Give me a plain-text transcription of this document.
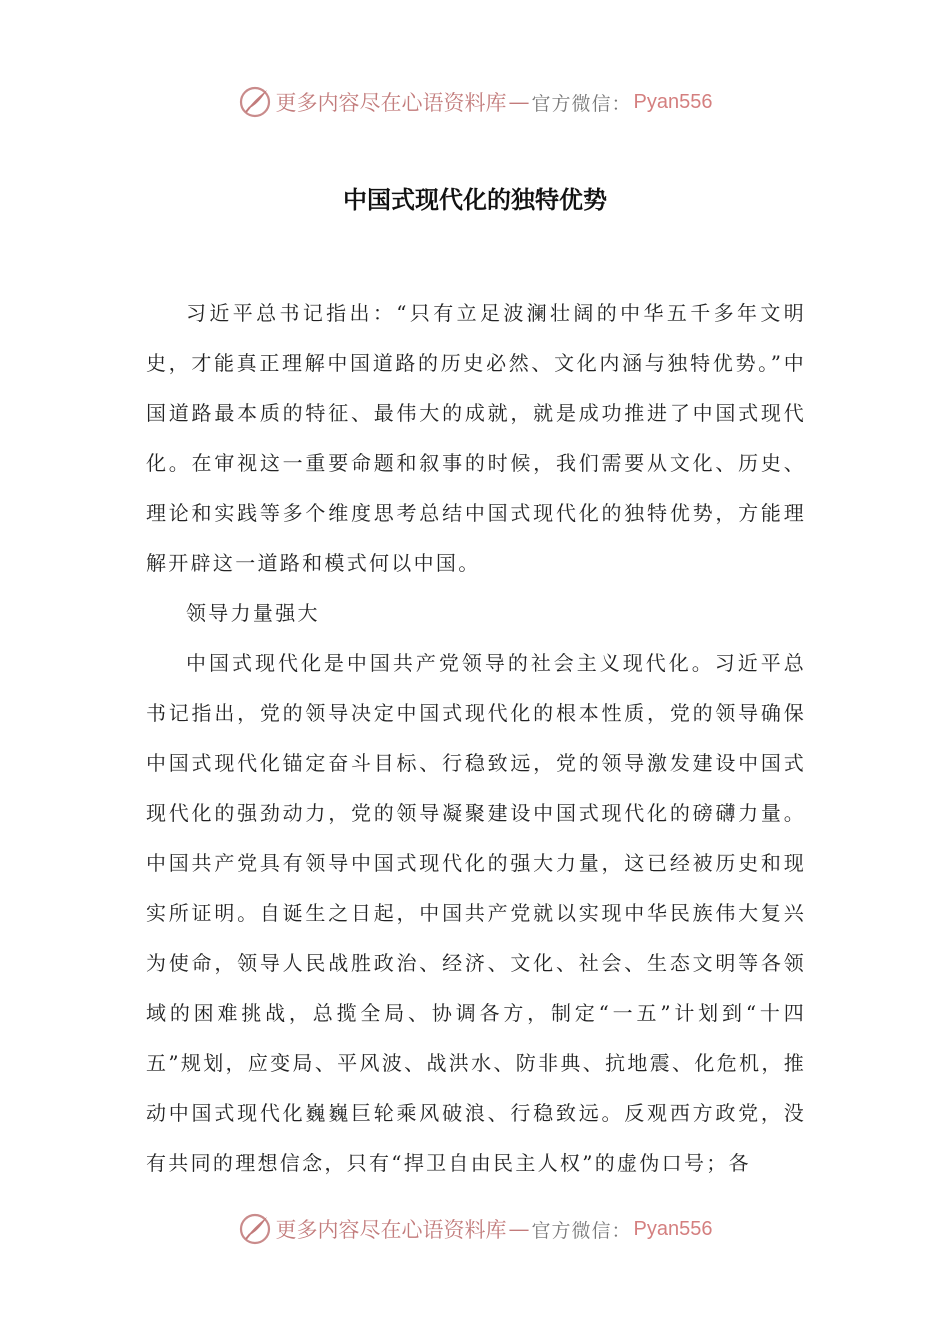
更多内容尽在心语资料库 — 官方微信： Pyan556
中国式现代化的独特优势

习近平总书记指出：“只有立足波澜壮阔的中华五千多年文明史，才能真正理解中国道路的历史必然、文化内涵与独特优势。”中国道路最本质的特征、最伟大的成就，就是成功推进了中国式现代化。在审视这一重要命题和叙事的时候，我们需要从文化、历史、理论和实践等多个维度思考总结中国式现代化的独特优势，方能理解开辟这一道路和模式何以中国。

领导力量强大

中国式现代化是中国共产党领导的社会主义现代化。习近平总书记指出，党的领导决定中国式现代化的根本性质，党的领导确保中国式现代化锚定奋斗目标、行稳致远，党的领导激发建设中国式现代化的强劲动力，党的领导凝聚建设中国式现代化的磅礴力量。中国共产党具有领导中国式现代化的强大力量，这已经被历史和现实所证明。自诞生之日起，中国共产党就以实现中华民族伟大复兴为使命，领导人民战胜政治、经济、文化、社会、生态文明等各领域的困难挑战，总揽全局、协调各方，制定“一五”计划到“十四五”规划，应变局、平风波、战洪水、防非典、抗地震、化危机，推动中国式现代化巍巍巨轮乘风破浪、行稳致远。反观西方政党，没有共同的理想信念，只有“捍卫自由民主人权”的虚伪口号；各

更多内容尽在心语资料库 — 官方微信： Pyan556
